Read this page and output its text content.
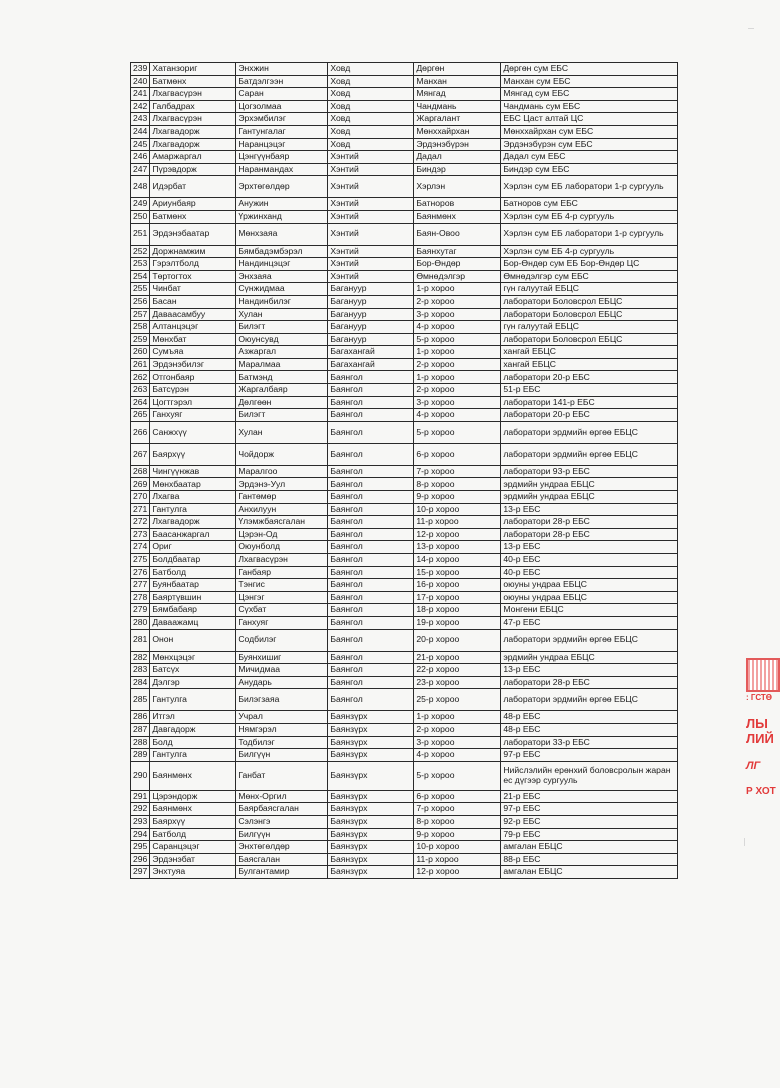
239	Хатанзориг	Энхжин	Ховд	Дөргөн	Дөргөн сум ЕБС
240	Батмөнх	Батдэлгээн	Ховд	Манхан	Манхан сум ЕБС
241	Лхагвасүрэн	Саран	Ховд	Мянгад	Мянгад сум ЕБС
242	Галбадрах	Цогзолмаа	Ховд	Чандмань	Чандмань сум ЕБС
243	Лхагвасүрэн	Эрхэмбилэг	Ховд	Жаргалант	ЕБС Цаст алтай ЦС
244	Лхагвадорж	Гантунгалаг	Ховд	Мөнххайрхан	Мөнххайрхан сум ЕБС
245	Лхагвадорж	Наранцэцэг	Ховд	Эрдэнэбүрэн	Эрдэнэбүрэн сум ЕБС
246	Амаржаргал	Цэнгүүнбаяр	Хэнтий	Дадал	Дадал сум ЕБС
247	Пүрэвдорж	Наранмандах	Хэнтий	Биндэр	Биндэр сум ЕБС
248	Идэрбат	Эрхтөгөлдөр	Хэнтий	Хэрлэн	Хэрлэн сум ЕБ лаборатори 1-р сургууль
249	Ариунбаяр	Анужин	Хэнтий	Батноров	Батноров сум ЕБС
250	Батмөнх	Үржинханд	Хэнтий	Баянмөнх	Хэрлэн сум ЕБ 4-р сургууль
251	Эрдэнэбаатар	Мөнхзаяа	Хэнтий	Баян-Овоо	Хэрлэн сум ЕБ лаборатори 1-р сургууль
252	Доржнамжим	Бямбадэмбэрэл	Хэнтий	Баянхутаг	Хэрлэн сум ЕБ 4-р сургууль
253	Гэрэлтболд	Нандинцэцэг	Хэнтий	Бор-Өндөр	Бор-Өндөр сум ЕБ Бор-Өндөр ЦС
254	Төртогтох	Энхзаяа	Хэнтий	Өмнөдэлгэр	Өмнөдэлгэр сум ЕБС
255	Чинбат	Сүнжидмаа	Багануур	1-р хороо	гүн галуутай ЕБЦС
256	Басан	Нандинбилэг	Багануур	2-р хороо	лаборатори Боловсрол ЕБЦС
257	Даваасамбуу	Хулан	Багануур	3-р хороо	лаборатори Боловсрол ЕБЦС
258	Алтанцэцэг	Билэгт	Багануур	4-р хороо	гүн галуутай ЕБЦС
259	Мөнхбат	Оюунсувд	Багануур	5-р хороо	лаборатори Боловсрол ЕБЦС
260	Сумъяа	Азжаргал	Багахангай	1-р хороо	хангай ЕБЦС
261	Эрдэнэбилэг	Маралмаа	Багахангай	2-р хороо	хангай ЕБЦС
262	Отгонбаяр	Батмэнд	Баянгол	1-р хороо	лаборатори 20-р ЕБС
263	Батсүрэн	Жаргалбаяр	Баянгол	2-р хороо	51-р ЕБС
264	Цогтгэрэл	Дөлгөөн	Баянгол	3-р хороо	лаборатори 141-р ЕБС
265	Ганхуяг	Билэгт	Баянгол	4-р хороо	лаборатори 20-р ЕБС
266	Санжхүү	Хулан	Баянгол	5-р хороо	лаборатори эрдмийн өргөө ЕБЦС
267	Баярхүү	Чойдорж	Баянгол	6-р хороо	лаборатори эрдмийн өргөө ЕБЦС
268	Чингүүнжав	Маралгоо	Баянгол	7-р хороо	лаборатори 93-р ЕБС
269	Мөнхбаатар	Эрдэнэ-Уул	Баянгол	8-р хороо	эрдмийн ундраа ЕБЦС
270	Лхагва	Гантөмөр	Баянгол	9-р хороо	эрдмийн ундраа ЕБЦС
271	Гантулга	Анхилуун	Баянгол	10-р хороо	13-р ЕБС
272	Лхагвадорж	Үлэмжбаясгалан	Баянгол	11-р хороо	лаборатори 28-р ЕБС
273	Баасанжаргал	Цэрэн-Од	Баянгол	12-р хороо	лаборатори 28-р ЕБС
274	Ориг	Оюунболд	Баянгол	13-р хороо	13-р ЕБС
275	Болдбаатар	Лхагвасүрэн	Баянгол	14-р хороо	40-р ЕБС
276	Батболд	Ганбаяр	Баянгол	15-р хороо	40-р ЕБС
277	Буянбаатар	Тэнгис	Баянгол	16-р хороо	оюуны ундраа ЕБЦС
278	Баяртүвшин	Цэнгэг	Баянгол	17-р хороо	оюуны ундраа ЕБЦС
279	Бямбабаяр	Сүхбат	Баянгол	18-р хороо	Монгени ЕБЦС
280	Даваажамц	Ганхуяг	Баянгол	19-р хороо	47-р ЕБС
281	Онон	Содбилэг	Баянгол	20-р хороо	лаборатори эрдмийн өргөө ЕБЦС
282	Мөнхцэцэг	Буянхишиг	Баянгол	21-р хороо	эрдмийн ундраа ЕБЦС
283	Батсүх	Мичидмаа	Баянгол	22-р хороо	13-р ЕБС
284	Дэлгэр	Анударь	Баянгол	23-р хороо	лаборатори 28-р ЕБС
285	Гантулга	Билэгзаяа	Баянгол	25-р хороо	лаборатори эрдмийн өргөө ЕБЦС
286	Итгэл	Учрал	Баянзүрх	1-р хороо	48-р ЕБС
287	Давгадорж	Нямгэрэл	Баянзүрх	2-р хороо	48-р ЕБС
288	Болд	Тодбилэг	Баянзүрх	3-р хороо	лаборатори 33-р ЕБС
289	Гантулга	Билгүүн	Баянзүрх	4-р хороо	97-р ЕБС
290	Баянмөнх	Ганбат	Баянзүрх	5-р хороо	Нийслэлийн ерөнхий боловсролын жаран ес дүгээр сургууль
291	Цэрэндорж	Мөнх-Оргил	Баянзүрх	6-р хороо	21-р ЕБС
292	Баянмөнх	Баярбаясгалан	Баянзүрх	7-р хороо	97-р ЕБС
293	Баярхүү	Сэлэнгэ	Баянзүрх	8-р хороо	92-р ЕБС
294	Батболд	Билгүүн	Баянзүрх	9-р хороо	79-р ЕБС
295	Саранцэцэг	Энхтөгөлдөр	Баянзүрх	10-р хороо	амгалан ЕБЦС
296	Эрдэнэбат	Баясгалан	Баянзүрх	11-р хороо	88-р ЕБС
297	Энхтуяа	Булгантамир	Баянзүрх	12-р хороо	амгалан ЕБЦС
: ГСТӨ
ЛЫ
ЛИЙ
ЛГ
Р ХОТ
